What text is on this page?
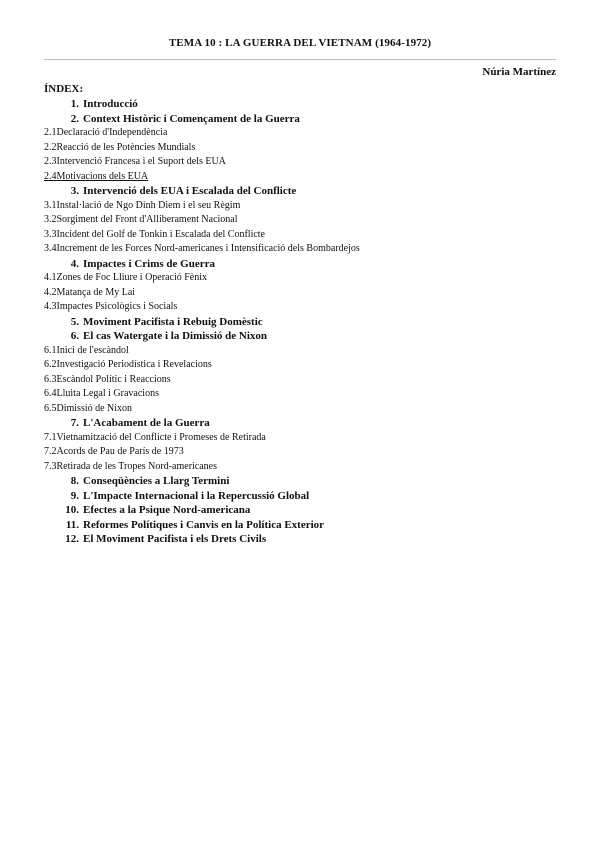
TEMA 10 : LA GUERRA DEL VIETNAM (1964-1972)
Núria Martínez
ÍNDEX:
1. Introducció
2. Context Històric i Començament de la Guerra
2.1Declaració d'Independència
2.2Reacció de les Potències Mundials
2.3Intervenció Francesa i el Suport dels EUA
2.4Motivacions dels EUA
3. Intervenció dels EUA i Escalada del Conflicte
3.1Instal·lació de Ngo Dinh Diem i el seu Règim
3.2Sorgiment del Front d'Alliberament Nacional
3.3Incident del Golf de Tonkin i Escalada del Conflicte
3.4Increment de les Forces Nord-americanes i Intensificació dels Bombardejos
4. Impactes i Crims de Guerra
4.1Zones de Foc Lliure i Operació Fènix
4.2Matança de My Lai
4.3Impactes Psicològics i Socials
5. Moviment Pacifista i Rebuig Domèstic
6. El cas Watergate i la Dimissió de Nixon
6.1Inici de l'escàndol
6.2Investigació Periodística i Revelacions
6.3Escàndol Polític i Reaccions
6.4Lluita Legal i Gravacions
6.5Dimissió de Nixon
7. L'Acabament de la Guerra
7.1Vietnamització del Conflicte i Promeses de Retirada
7.2Acords de Pau de París de 1973
7.3Retirada de les Tropes Nord-americanes
8. Conseqüències a Llarg Termini
9. L'Impacte Internacional i la Repercussió Global
10. Efectes a la Psique Nord-americana
11. Reformes Polítiques i Canvis en la Política Exterior
12. El Moviment Pacifista i els Drets Civils
